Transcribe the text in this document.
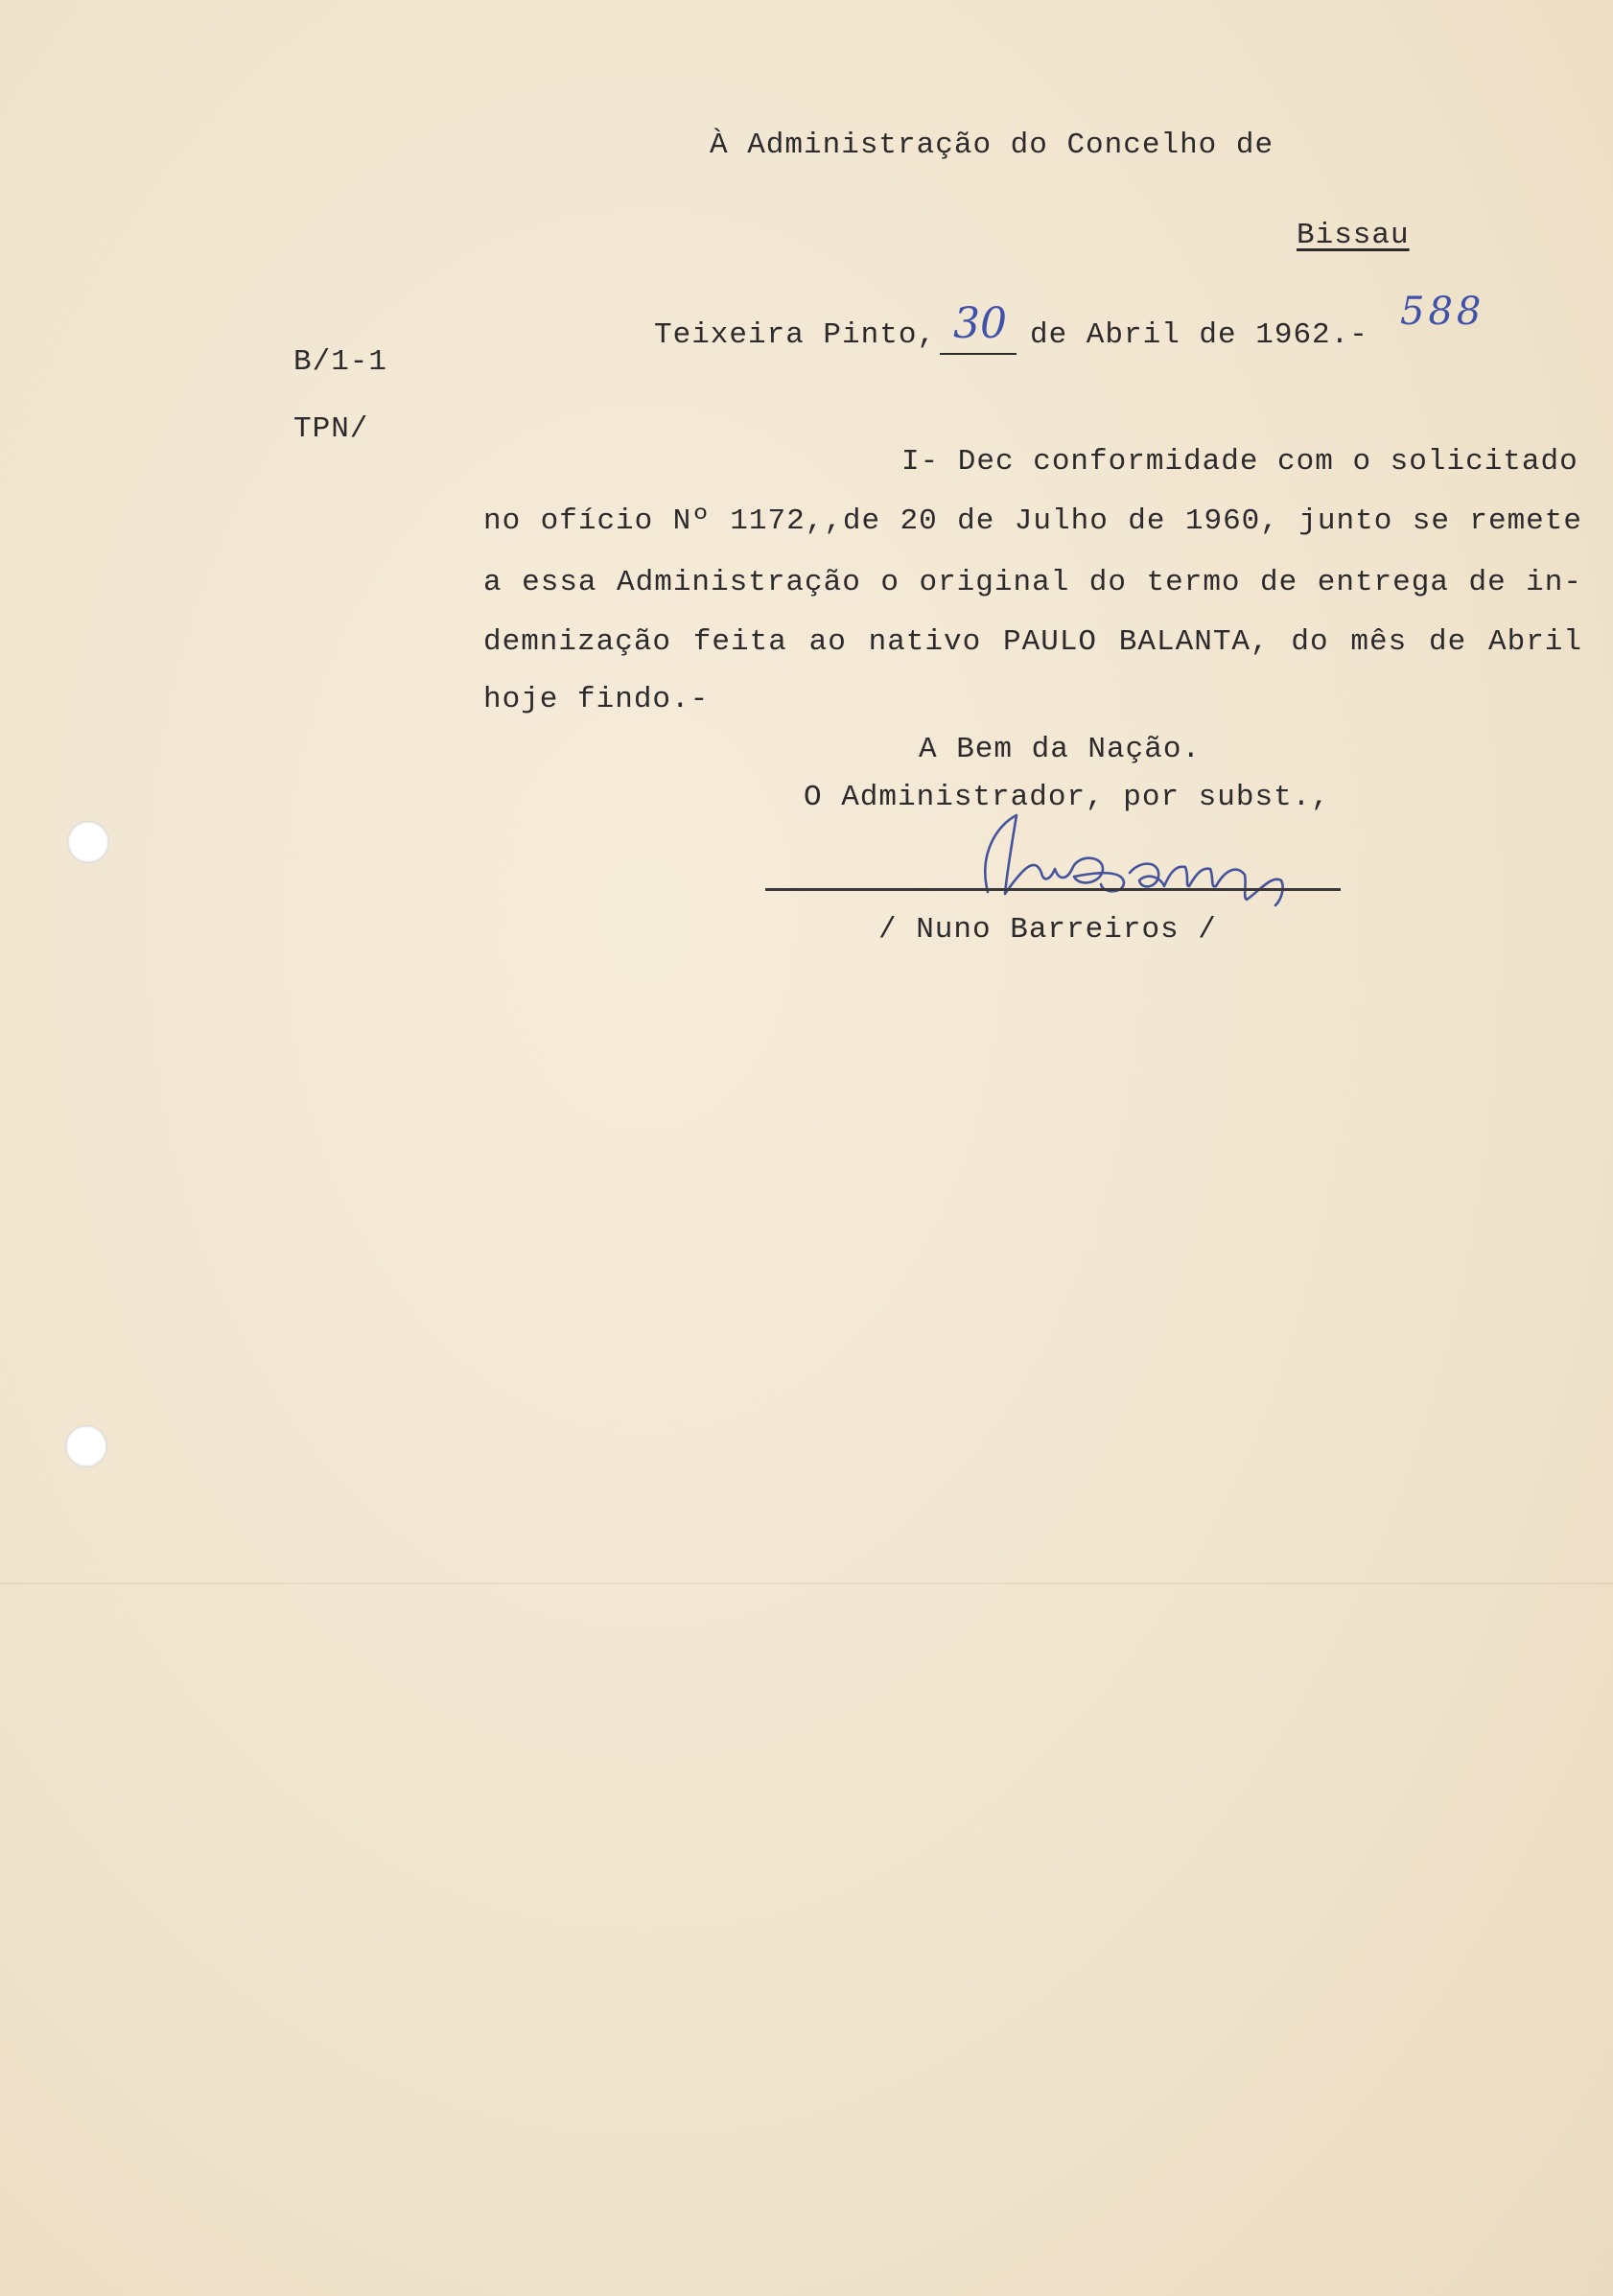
À Administração do Concelho de
Bissau
B/1-1
TPN/
Teixeira Pinto, 30 de Abril de 1962.-
588
I- Dec conformidade com o solicitado
no ofício Nº 1172,,de 20 de Julho de 1960, junto se remete
a essa Administração o original do termo de entrega de in-
demnização feita ao nativo PAULO BALANTA, do mês de Abril
hoje findo.-
A Bem da Nação.
O Administrador, por subst.,
/ Nuno Barreiros /
